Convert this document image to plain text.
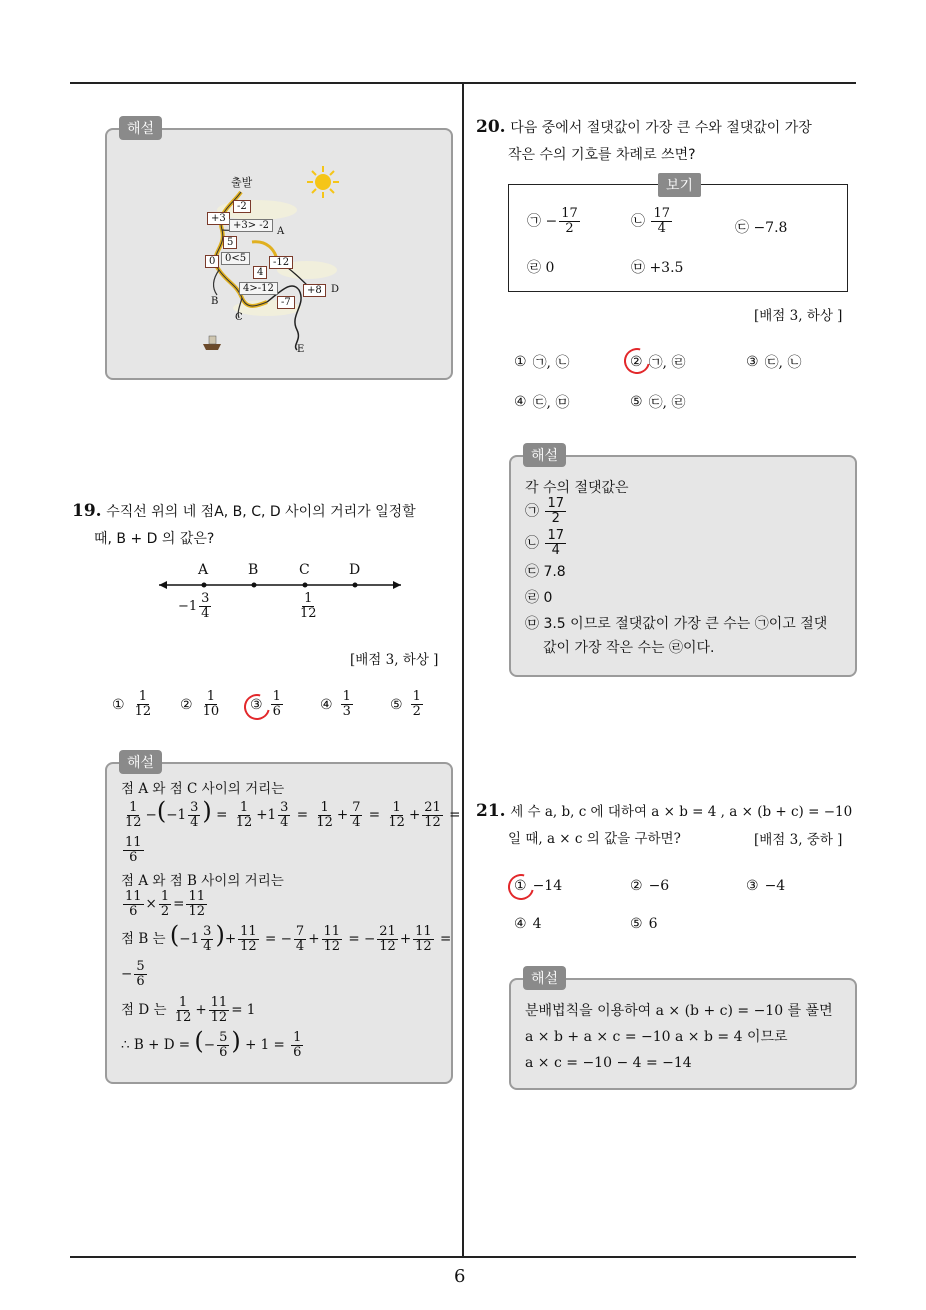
6
출발
-2
+3
+3> -2
A
5
0 0<5	-12
4
4>-12	+8 D
-7
B
C
E
해설
19. 수직선 위의 네 점A, B, C, D 사이의 거리가 일정할
때, B + D 의 값은?
A	B	C	D
$-1 \frac{3}{4}$	$\frac{1}{12}$
[배점 3, 하상 ]
① $\frac{1}{12}$ ② $\frac{1}{10}$ ③ $\frac{1}{6}$	④ $\frac{1}{3}$	⑤ $\frac{1}{2}$
점 A 와 점 C 사이의 거리는
$\frac{1}{12} -(-1 \frac{3}{4}$ ) = $\frac{1}{12} +1 \frac{3}{4} = \frac{1}{12} + \frac{7}{4} = \frac{1}{12} + \frac{21}{12}$ =
$\frac{11}{6}$
점 A 와 점 B 사이의 거리는
$\frac{11}{6} \times \frac{1}{2} = \frac{11}{12}$
점 B 는 ($-1 \frac{3}{4}$ )+ $\frac{11}{12}$ = − $\frac{7}{4} + \frac{11}{12}$ = − $\frac{21}{12} + \frac{11}{12}$ =
− $\frac{5}{6}$
점 D 는 $\frac{1}{12} + \frac{11}{12} = 1$
∴ B + D = (− $\frac{5}{6}$ ) + $1 = \frac{1}{6}$
해설
20. 다음 중에서 절댓값이 가장 큰 수와 절댓값이 가장
작은 수의 기호를 차례로 쓰면?
㉠ − $\frac{17}{2}$	㉡ $\frac{17}{4}$	㉢ −7.8
㉣ 0	㉤ +3.5
보기
[배점 3, 하상 ]
① ㉠, ㉡	② ㉠, ㉣	③ ㉢, ㉡
④ ㉢, ㉤	⑤ ㉢, ㉣
각 수의 절댓값은
㉠ $\frac{17}{2}$
㉡ $\frac{17}{4}$
㉢ 7.8
㉣ 0
㉤ 3.5 이므로 절댓값이 가장 큰 수는 ㉠이고 절댓
값이 가장 작은 수는 ㉣이다.
해설
21. 세 수 a, b, c 에 대하여 a × b = 4 , a × (b + c) = −10
일 때, a × c 의 값을 구하면?	[배점 3, 중하 ]
① −14	② −6	③ −4
④ 4	⑤ 6
분배법칙을 이용하여 a × (b + c) = −10 를 풀면
a × b + a × c = −10 a × b = 4 이므로
a × c = −10 − 4 = −14
해설
